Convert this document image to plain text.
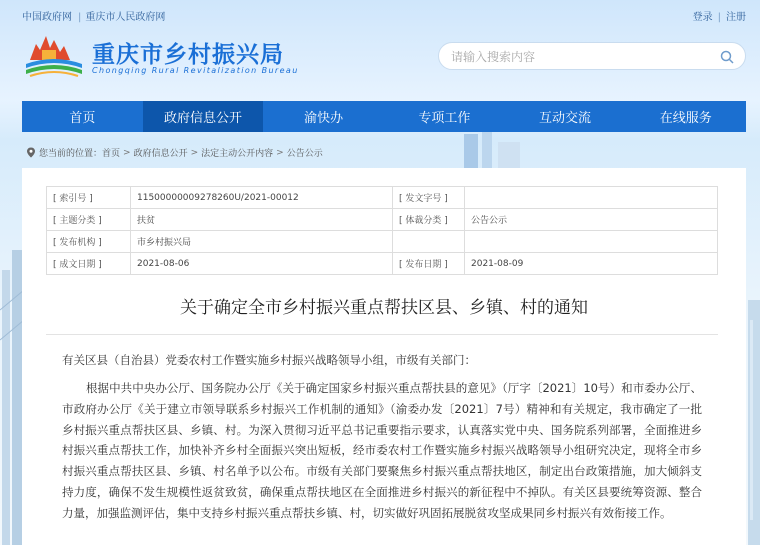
中国政府网 | 重庆市人民政府网	登录 | 注册
重庆市乡村振兴局
Chongqing Rural Revitalization Bureau
请输入搜索内容
首页	政府信息公开	渝快办	专项工作	互动交流	在线服务
您当前的位置： 首页 > 政府信息公开 > 法定主动公开内容 > 公告公示
[ 索引号 ]	11500000009278260U/2021-00012	[ 发文字号 ]	
[ 主题分类 ]	扶贫	[ 体裁分类 ]	公告公示
[ 发布机构 ]	市乡村振兴局		
[ 成文日期 ]	2021-08-06	[ 发布日期 ]	2021-08-09
关于确定全市乡村振兴重点帮扶区县、乡镇、村的通知
有关区县（自治县）党委农村工作暨实施乡村振兴战略领导小组，市级有关部门：
根据中共中央办公厅、国务院办公厅《关于确定国家乡村振兴重点帮扶县的意见》（厅字〔2021〕10号）和市委办公厅、市政府办公厅《关于建立市领导联系乡村振兴工作机制的通知》（渝委办发〔2021〕7号）精神和有关规定，我市确定了一批乡村振兴重点帮扶区县、乡镇、村。为深入贯彻习近平总书记重要指示要求，认真落实党中央、国务院系列部署，全面推进乡村振兴重点帮扶工作，加快补齐乡村全面振兴突出短板，经市委农村工作暨实施乡村振兴战略领导小组研究决定，现将全市乡村振兴重点帮扶区县、乡镇、村名单予以公布。市级有关部门要聚焦乡村振兴重点帮扶地区，制定出台政策措施，加大倾斜支持力度，确保不发生规模性返贫致贫，确保重点帮扶地区在全面推进乡村振兴的新征程中不掉队。有关区县要统筹资源、整合力量，加强监测评估，集中支持乡村振兴重点帮扶乡镇、村，切实做好巩固拓展脱贫攻坚成果同乡村振兴有效衔接工作。
